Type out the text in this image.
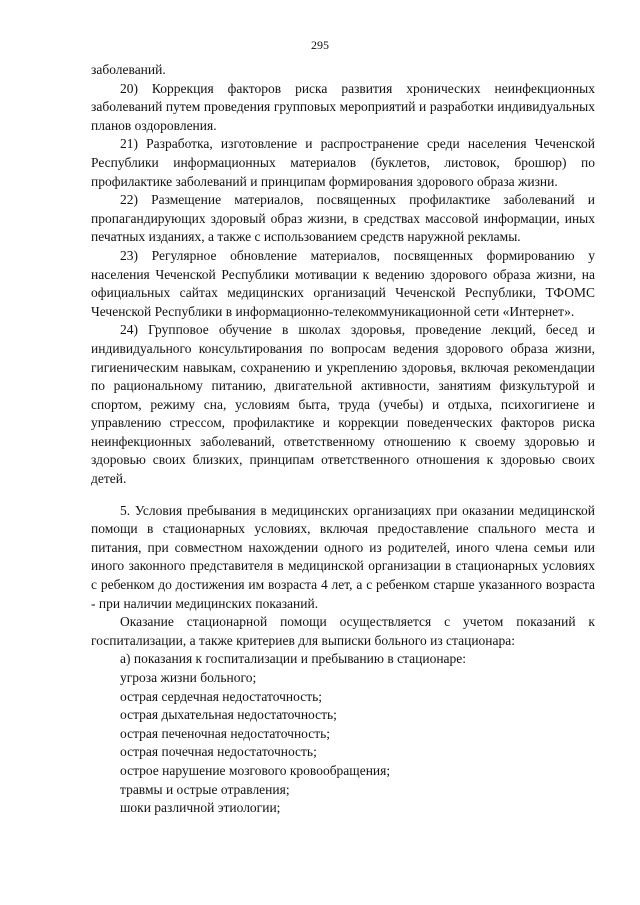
295

заболеваний.

20) Коррекция факторов риска развития хронических неинфекционных заболеваний путем проведения групповых мероприятий и разработки индивидуальных планов оздоровления.

21) Разработка, изготовление и распространение среди населения Чеченской Республики информационных материалов (буклетов, листовок, брошюр) по профилактике заболеваний и принципам формирования здорового образа жизни.

22) Размещение материалов, посвященных профилактике заболеваний и пропагандирующих здоровый образ жизни, в средствах массовой информации, иных печатных изданиях, а также с использованием средств наружной рекламы.

23) Регулярное обновление материалов, посвященных формированию у населения Чеченской Республики мотивации к ведению здорового образа жизни, на официальных сайтах медицинских организаций Чеченской Республики, ТФОМС Чеченской Республики в информационно-телекоммуникационной сети «Интернет».

24) Групповое обучение в школах здоровья, проведение лекций, бесед и индивидуального консультирования по вопросам ведения здорового образа жизни, гигиеническим навыкам, сохранению и укреплению здоровья, включая рекомендации по рациональному питанию, двигательной активности, занятиям физкультурой и спортом, режиму сна, условиям быта, труда (учебы) и отдыха, психогигиене и управлению стрессом, профилактике и коррекции поведенческих факторов риска неинфекционных заболеваний, ответственному отношению к своему здоровью и здоровью своих близких, принципам ответственного отношения к здоровью своих детей.

5. Условия пребывания в медицинских организациях при оказании медицинской помощи в стационарных условиях, включая предоставление спального места и питания, при совместном нахождении одного из родителей, иного члена семьи или иного законного представителя в медицинской организации в стационарных условиях с ребенком до достижения им возраста 4 лет, а с ребенком старше указанного возраста - при наличии медицинских показаний.

Оказание стационарной помощи осуществляется с учетом показаний к госпитализации, а также критериев для выписки больного из стационара:

а) показания к госпитализации и пребыванию в стационаре:

угроза жизни больного;

острая сердечная недостаточность;

острая дыхательная недостаточность;

острая печеночная недостаточность;

острая почечная недостаточность;

острое нарушение мозгового кровообращения;

травмы и острые отравления;

шоки различной этиологии;
